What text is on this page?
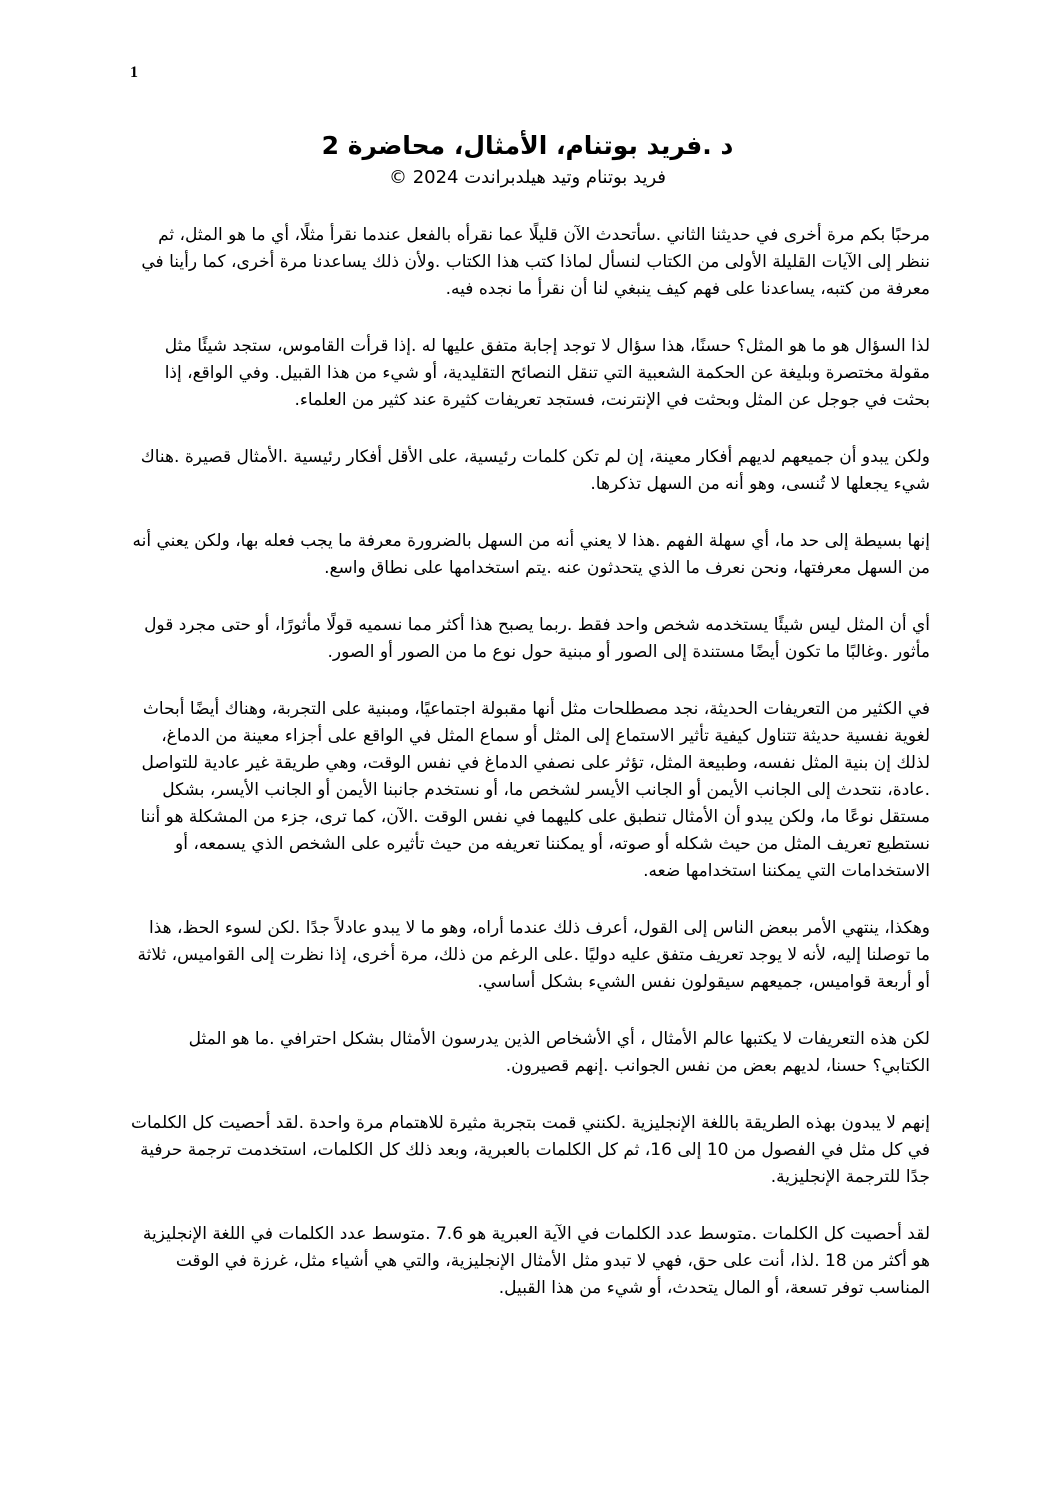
1
د .فريد بوتنام، الأمثال، محاضرة 2

فريد بوتنام وتيد هيلدبراندت 2024 ©

مرحبًا بكم مرة أخرى في حديثنا الثاني .سأتحدث الآن قليلًا عما نقرأه بالفعل عندما نقرأ مثلًا، أي ما هو المثل، ثم ننظر إلى الآيات القليلة الأولى من الكتاب لنسأل لماذا كتب هذا الكتاب .ولأن ذلك يساعدنا مرة أخرى، كما رأينا في معرفة من كتبه، يساعدنا على فهم كيف ينبغي لنا أن نقرأ ما نجده فيه.

لذا السؤال هو ما هو المثل؟ حسنًا، هذا سؤال لا توجد إجابة متفق عليها له .إذا قرأت القاموس، ستجد شيئًا مثل مقولة مختصرة وبليغة عن الحكمة الشعبية التي تنقل النصائح التقليدية، أو شيء من هذا القبيل. وفي الواقع، إذا بحثت في جوجل عن المثل وبحثت في الإنترنت، فستجد تعريفات كثيرة عند كثير من العلماء.

ولكن يبدو أن جميعهم لديهم أفكار معينة، إن لم تكن كلمات رئيسية، على الأقل أفكار رئيسية .الأمثال قصيرة .هناك شيء يجعلها لا تُنسى، وهو أنه من السهل تذكرها.

إنها بسيطة إلى حد ما، أي سهلة الفهم .هذا لا يعني أنه من السهل بالضرورة معرفة ما يجب فعله بها، ولكن يعني أنه من السهل معرفتها، ونحن نعرف ما الذي يتحدثون عنه .يتم استخدامها على نطاق واسع.

أي أن المثل ليس شيئًا يستخدمه شخص واحد فقط .ربما يصبح هذا أكثر مما نسميه قولًا مأثورًا، أو حتى مجرد قول مأثور .وغالبًا ما تكون أيضًا مستندة إلى الصور أو مبنية حول نوع ما من الصور أو الصور.

في الكثير من التعريفات الحديثة، نجد مصطلحات مثل أنها مقبولة اجتماعيًا، ومبنية على التجربة، وهناك أيضًا أبحاث لغوية نفسية حديثة تتناول كيفية تأثير الاستماع إلى المثل أو سماع المثل في الواقع على أجزاء معينة من الدماغ، لذلك إن بنية المثل نفسه، وطبيعة المثل، تؤثر على نصفي الدماغ في نفس الوقت، وهي طريقة غير عادية للتواصل .عادة، نتحدث إلى الجانب الأيمن أو الجانب الأيسر لشخص ما، أو نستخدم جانبنا الأيمن أو الجانب الأيسر، بشكل مستقل نوعًا ما، ولكن يبدو أن الأمثال تنطبق على كليهما في نفس الوقت .الآن، كما ترى، جزء من المشكلة هو أننا نستطيع تعريف المثل من حيث شكله أو صوته، أو يمكننا تعريفه من حيث تأثيره على الشخص الذي يسمعه، أو الاستخدامات التي يمكننا استخدامها ضعه.

وهكذا، ينتهي الأمر ببعض الناس إلى القول، أعرف ذلك عندما أراه، وهو ما لا يبدو عادلاً جدًا .لكن لسوء الحظ، هذا ما توصلنا إليه، لأنه لا يوجد تعريف متفق عليه دوليًا .على الرغم من ذلك، مرة أخرى، إذا نظرت إلى القواميس، ثلاثة أو أربعة قواميس، جميعهم سيقولون نفس الشيء بشكل أساسي.

لكن هذه التعريفات لا يكتبها عالم الأمثال ، أي الأشخاص الذين يدرسون الأمثال بشكل احترافي .ما هو المثل الكتابي؟ حسنا، لديهم بعض من نفس الجوانب .إنهم قصيرون.

إنهم لا يبدون بهذه الطريقة باللغة الإنجليزية .لكنني قمت بتجربة مثيرة للاهتمام مرة واحدة .لقد أحصيت كل الكلمات في كل مثل في الفصول من 10 إلى 16، ثم كل الكلمات بالعبرية، وبعد ذلك كل الكلمات، استخدمت ترجمة حرفية جدًا للترجمة الإنجليزية.

لقد أحصيت كل الكلمات .متوسط عدد الكلمات في الآية العبرية هو 7.6 .متوسط عدد الكلمات في اللغة الإنجليزية هو أكثر من 18 .لذا، أنت على حق، فهي لا تبدو مثل الأمثال الإنجليزية، والتي هي أشياء مثل، غرزة في الوقت المناسب توفر تسعة، أو المال يتحدث، أو شيء من هذا القبيل.
